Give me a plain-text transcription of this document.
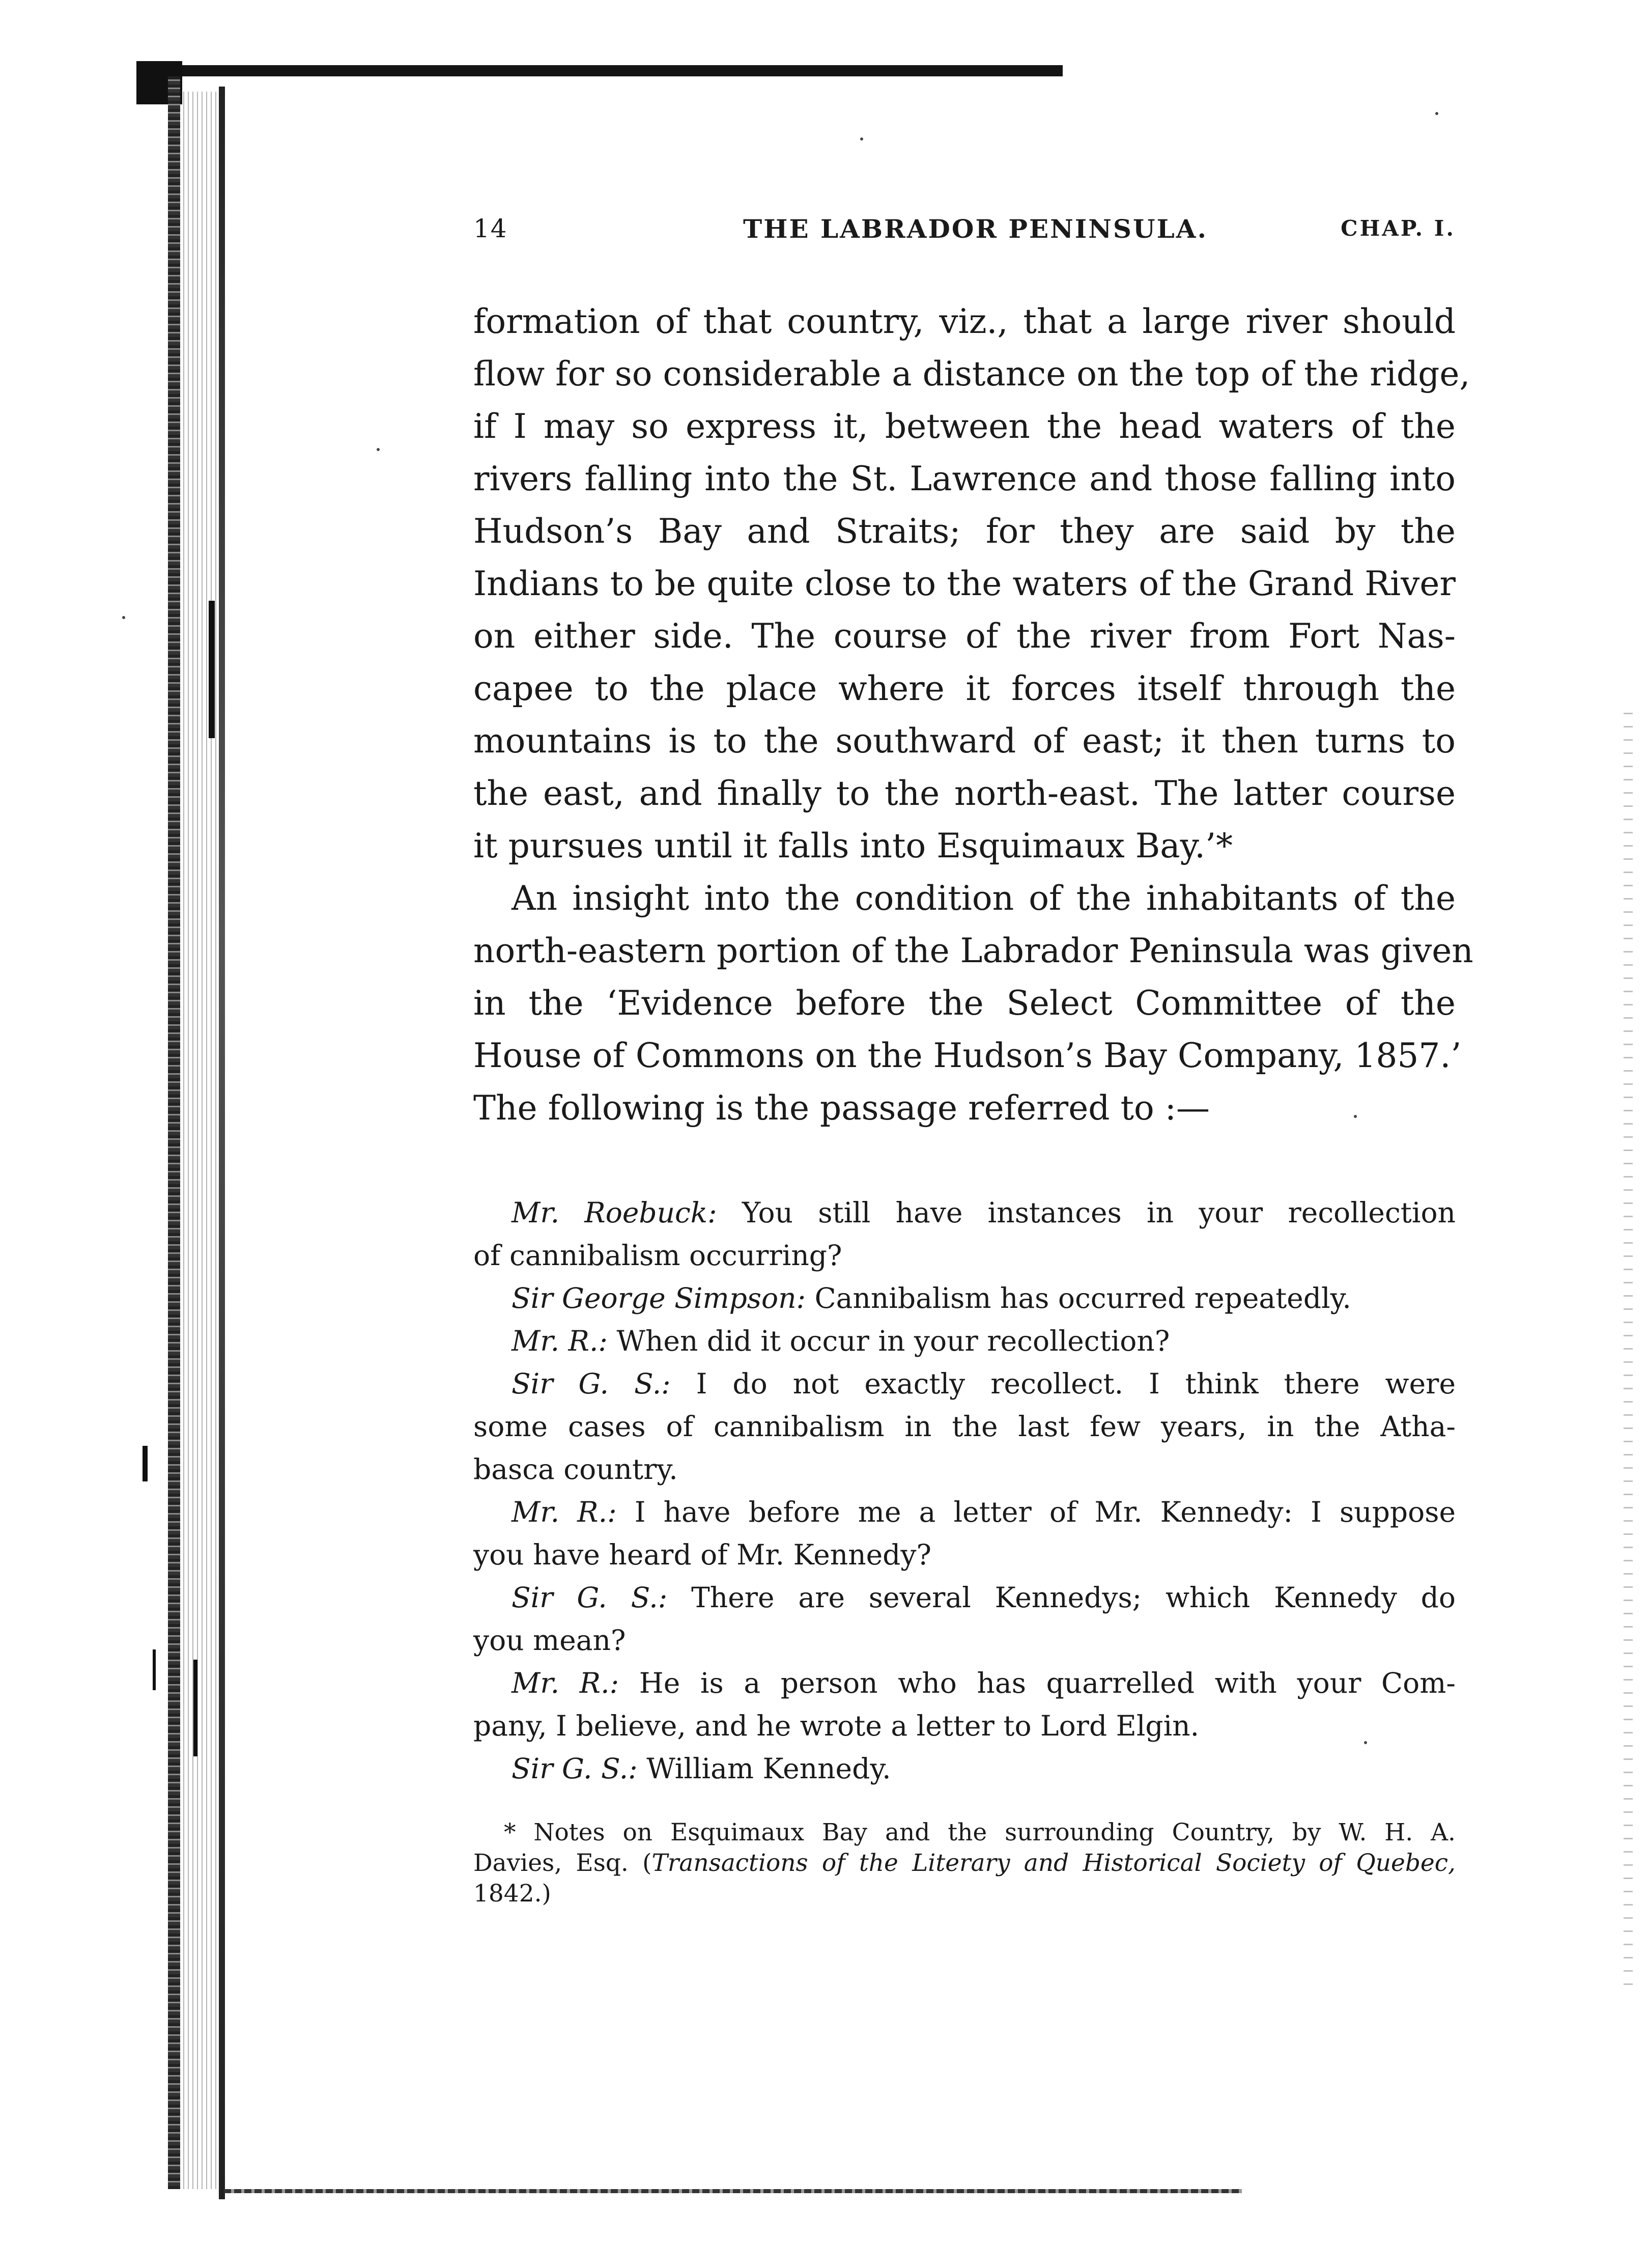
14	THE LABRADOR PENINSULA.	CHAP. I.
formation of that country, viz., that a large river should
flow for so considerable a distance on the top of the ridge,
if I may so express it, between the head waters of the
rivers falling into the St. Lawrence and those falling into
Hudson’s Bay and Straits; for they are said by the
Indians to be quite close to the waters of the Grand River
on either side. The course of the river from Fort Nas-
capee to the place where it forces itself through the
mountains is to the southward of east; it then turns to
the east, and finally to the north-east. The latter course
it pursues until it falls into Esquimaux Bay.’*
An insight into the condition of the inhabitants of the
north-eastern portion of the Labrador Peninsula was given
in the ‘Evidence before the Select Committee of the
House of Commons on the Hudson’s Bay Company, 1857.’
The following is the passage referred to :—
Mr. Roebuck: You still have instances in your recollection
of cannibalism occurring?
Sir George Simpson: Cannibalism has occurred repeatedly.
Mr. R.: When did it occur in your recollection?
Sir G. S.: I do not exactly recollect. I think there were
some cases of cannibalism in the last few years, in the Atha-
basca country.
Mr. R.: I have before me a letter of Mr. Kennedy: I suppose
you have heard of Mr. Kennedy?
Sir G. S.: There are several Kennedys; which Kennedy do
you mean?
Mr. R.: He is a person who has quarrelled with your Com-
pany, I believe, and he wrote a letter to Lord Elgin.
Sir G. S.: William Kennedy.
* Notes on Esquimaux Bay and the surrounding Country, by W. H. A.
Davies, Esq. (Transactions of the Literary and Historical Society of Quebec,
1842.)
